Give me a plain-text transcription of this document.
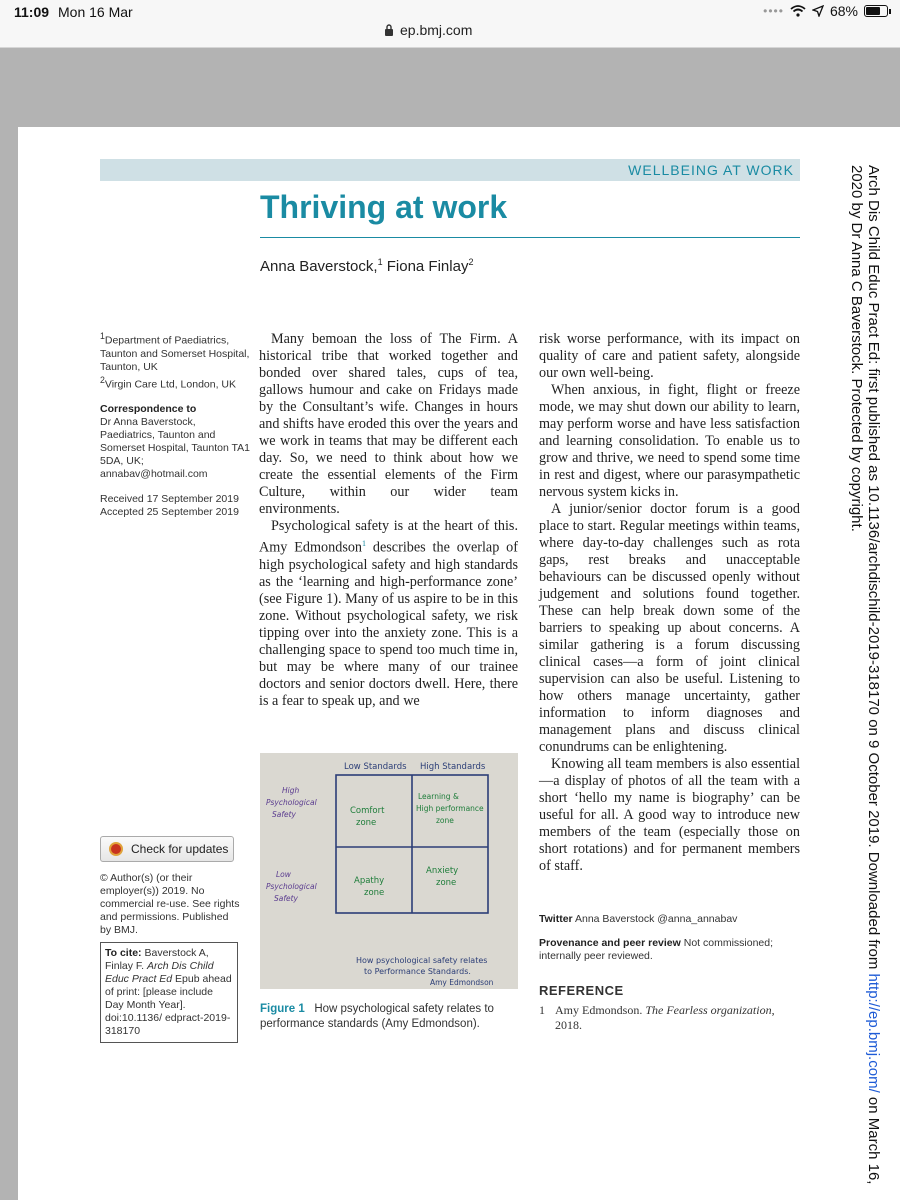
11:09 Mon 16 Mar
ep.bmj.com
••••	68%
WELLBEING AT WORK
Thriving at work
Anna Baverstock,$^1$ Fiona Finlay$^2$

$^1$Department of Paediatrics, Taunton and Somerset Hospital, Taunton, UK
$^2$Virgin Care Ltd, London, UK

Correspondence to
Dr Anna Baverstock, Paediatrics, Taunton and Somerset Hospital, Taunton TA1 5DA, UK; annabav@hotmail.com

Received 17 September 2019
Accepted 25 September 2019

Check for updates
© Author(s) (or their employer(s)) 2019. No commercial re-use. See rights and permissions. Published by BMJ.
To cite: Baverstock A, Finlay F. Arch Dis Child Educ Pract Ed Epub ahead of print: [please include Day Month Year]. doi:10.1136/ edpract-2019-318170

Many bemoan the loss of The Firm. A historical tribe that worked together and bonded over shared tales, cups of tea, gallows humour and cake on Fridays made by the Consultant’s wife. Changes in hours and shifts have eroded this over the years and we work in teams that may be different each day. So, we need to think about how we create the essential elements of the Firm Culture, within our wider team environments.

Psychological safety is at the heart of this. Amy Edmondson$^1$ describes the overlap of high psychological safety and high standards as the ‘learning and high-performance zone’ (see Figure 1). Many of us aspire to be in this zone. Without psychological safety, we risk tipping over into the anxiety zone. This is a challenging space to spend too much time in, but may be where many of our trainee doctors and senior doctors dwell. Here, there is a fear to speak up, and we

risk worse performance, with its impact on quality of care and patient safety, alongside our own well-being.

When anxious, in fight, flight or freeze mode, we may shut down our ability to learn, may perform worse and have less satisfaction and learning consolidation. To enable us to grow and thrive, we need to spend some time in rest and digest, where our parasympathetic nervous system kicks in.

A junior/senior doctor forum is a good place to start. Regular meetings within teams, where day-to-day challenges such as rota gaps, rest breaks and unacceptable behaviours can be discussed openly without judgement and solutions found together. These can help break down some of the barriers to speaking up about concerns. A similar gathering is a forum discussing clinical cases—a form of joint clinical supervision can also be useful. Listening to how others manage uncertainty, gather information to inform diagnoses and management plans and discuss clinical conundrums can be enlightening.

Knowing all team members is also essential—a display of photos of all the team with a short ‘hello my name is biography’ can be useful for all. A good way to introduce new members of the team (especially those on short rotations) and for permanent members of staff.

Low Standards High Standards
How psychological safety relates
to Performance Standards.
Amy Edmondson
High
Psychological
Safety
Low
Psychological
Safety
Comfort
zone
Learning &
High performance
zone
Apathy
zone
Anxiety
zone
Figure 1 How psychological safety relates to performance standards (Amy Edmondson).
Twitter Anna Baverstock @anna_annabav
Provenance and peer review Not commissioned; internally peer reviewed.
REFERENCE
1 Amy Edmondson. The Fearless organization, 2018.
Arch Dis Child Educ Pract Ed: first published as 10.1136/archdischild-2019-318170 on 9 October 2019. Downloaded from http://ep.bmj.com/ on March 16, 2020 by Dr Anna C Baverstock. Protected by copyright.
